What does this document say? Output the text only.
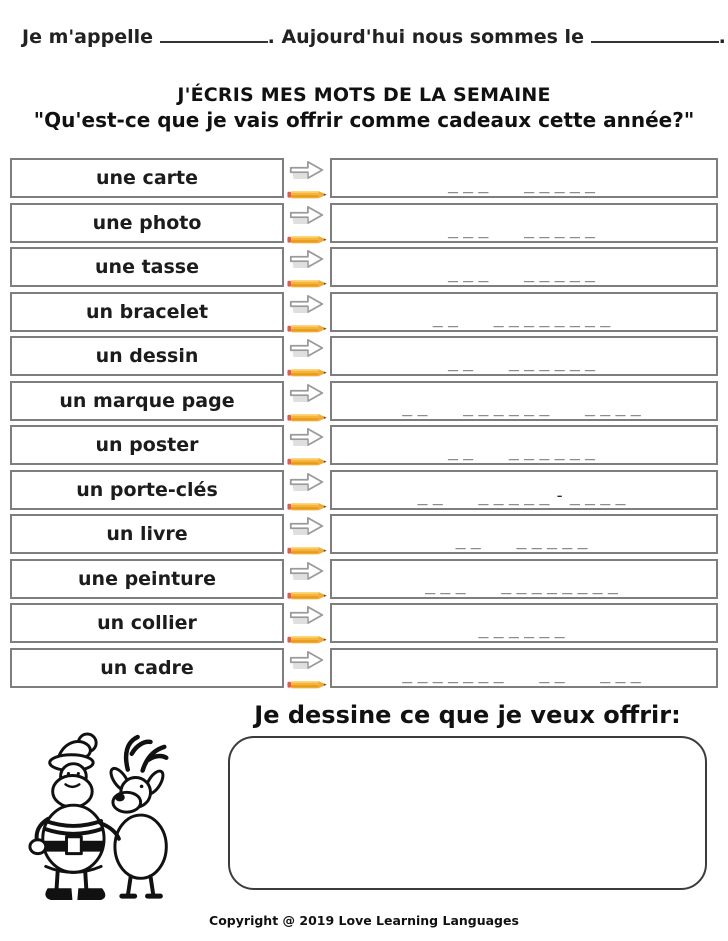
Je m'appelle	. Aujourd'hui nous sommes le	.
J'ÉCRIS MES MOTS DE LA SEMAINE
"Qu'est-ce que je vais offrir comme cadeaux cette année?"
une carte	___  _____
une photo	___  _____
une tasse	___  _____
un bracelet	__  ________
un dessin	__  ______
un marque page	__  ______  ____
un poster	__  ______
un porte-clés	__  _____-____
un livre	__  _____
une peinture	___  ________
un collier	______
un cadre	_______  __  ___
Je dessine ce que je veux offrir:
Copyright @ 2019 Love Learning Languages
